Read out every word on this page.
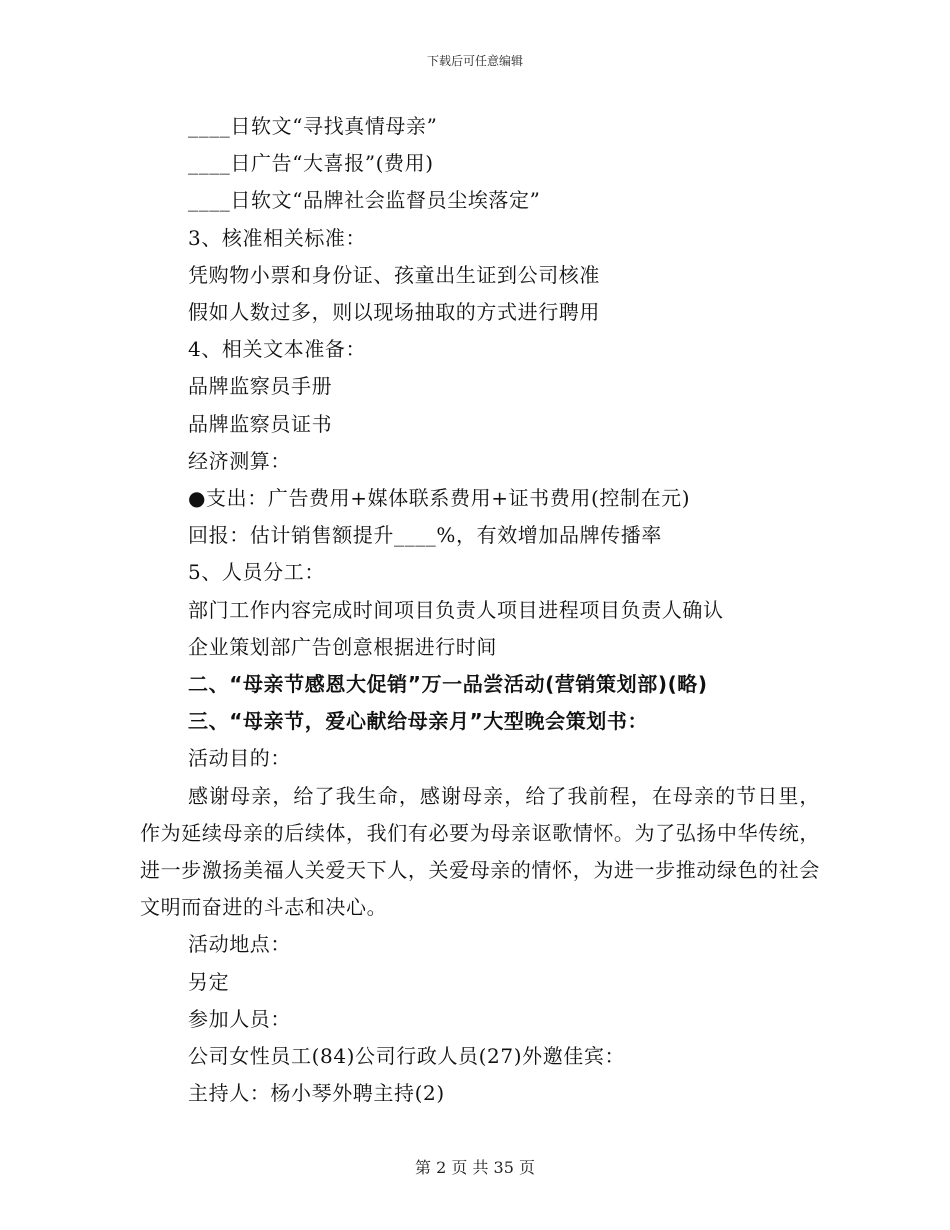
下载后可任意编辑
____日软文“寻找真情母亲”
____日广告“大喜报”(费用)
____日软文“品牌社会监督员尘埃落定”
3、核准相关标准：
凭购物小票和身份证、孩童出生证到公司核准
假如人数过多，则以现场抽取的方式进行聘用
4、相关文本准备：
品牌监察员手册
品牌监察员证书
经济测算：
●支出：广告费用+媒体联系费用+证书费用(控制在元)
回报：估计销售额提升____%，有效增加品牌传播率
5、人员分工：
部门工作内容完成时间项目负责人项目进程项目负责人确认
企业策划部广告创意根据进行时间
二、“母亲节感恩大促销”万一品尝活动(营销策划部)(略)
三、“母亲节，爱心献给母亲月”大型晚会策划书：
活动目的：
感谢母亲，给了我生命，感谢母亲，给了我前程，在母亲的节日里，作为延续母亲的后续体，我们有必要为母亲讴歌情怀。为了弘扬中华传统，进一步激扬美福人关爱天下人，关爱母亲的情怀，为进一步推动绿色的社会文明而奋进的斗志和决心。
活动地点：
另定
参加人员：
公司女性员工(84)公司行政人员(27)外邀佳宾：
主持人：杨小琴外聘主持(2)
第 2 页 共 35 页
